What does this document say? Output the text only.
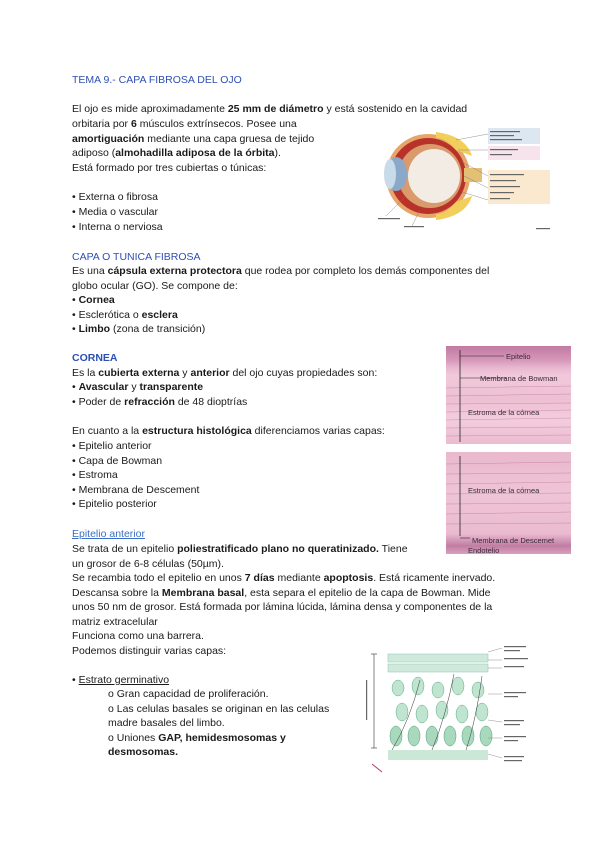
TEMA 9.- CAPA FIBROSA DEL OJO
El ojo es mide aproximadamente 25 mm de diámetro y está sostenido en la cavidad
orbitaria por 6 músculos extrínsecos. Posee una
amortiguación mediante una capa gruesa de tejido
adiposo (almohadilla adiposa de la órbita).
Está formado por tres cubiertas o túnicas:
• Externa o fibrosa
• Media o vascular
• Interna o nerviosa
CAPA O TUNICA FIBROSA
Es una cápsula externa protectora que rodea por completo los demás componentes del
globo ocular (GO). Se compone de:
• Cornea
• Esclerótica o esclera
• Limbo (zona de transición)
CORNEA
Es la cubierta externa y anterior del ojo cuyas propiedades son:
• Avascular y transparente
• Poder de refracción de 48 dioptrías
En cuanto a la estructura histológica diferenciamos varias capas:
• Epitelio anterior
• Capa de Bowman
• Estroma
• Membrana de Descement
• Epitelio posterior
Epitelio
Membrana de Bowman
Estroma de la córnea
Estroma de la córnea
Membrana de Descemet
Endotelio
Epitelio anterior
Se trata de un epitelio poliestratificado plano no queratinizado. Tiene
un grosor de 6-8 células (50µm).
Se recambia todo el epitelio en unos 7 días mediante apoptosis. Está ricamente inervado.
Descansa sobre la Membrana basal, esta separa el epitelio de la capa de Bowman. Mide
unos 50 nm de grosor. Está formada por lámina lúcida, lámina densa y componentes de la
matriz extracelular
Funciona como una barrera.
Podemos distinguir varias capas:
• Estrato germinativo
o Gran capacidad de proliferación.
o Las celulas basales se originan en las celulas
madre basales del limbo.
o Uniones GAP, hemidesmosomas y
desmosomas.
